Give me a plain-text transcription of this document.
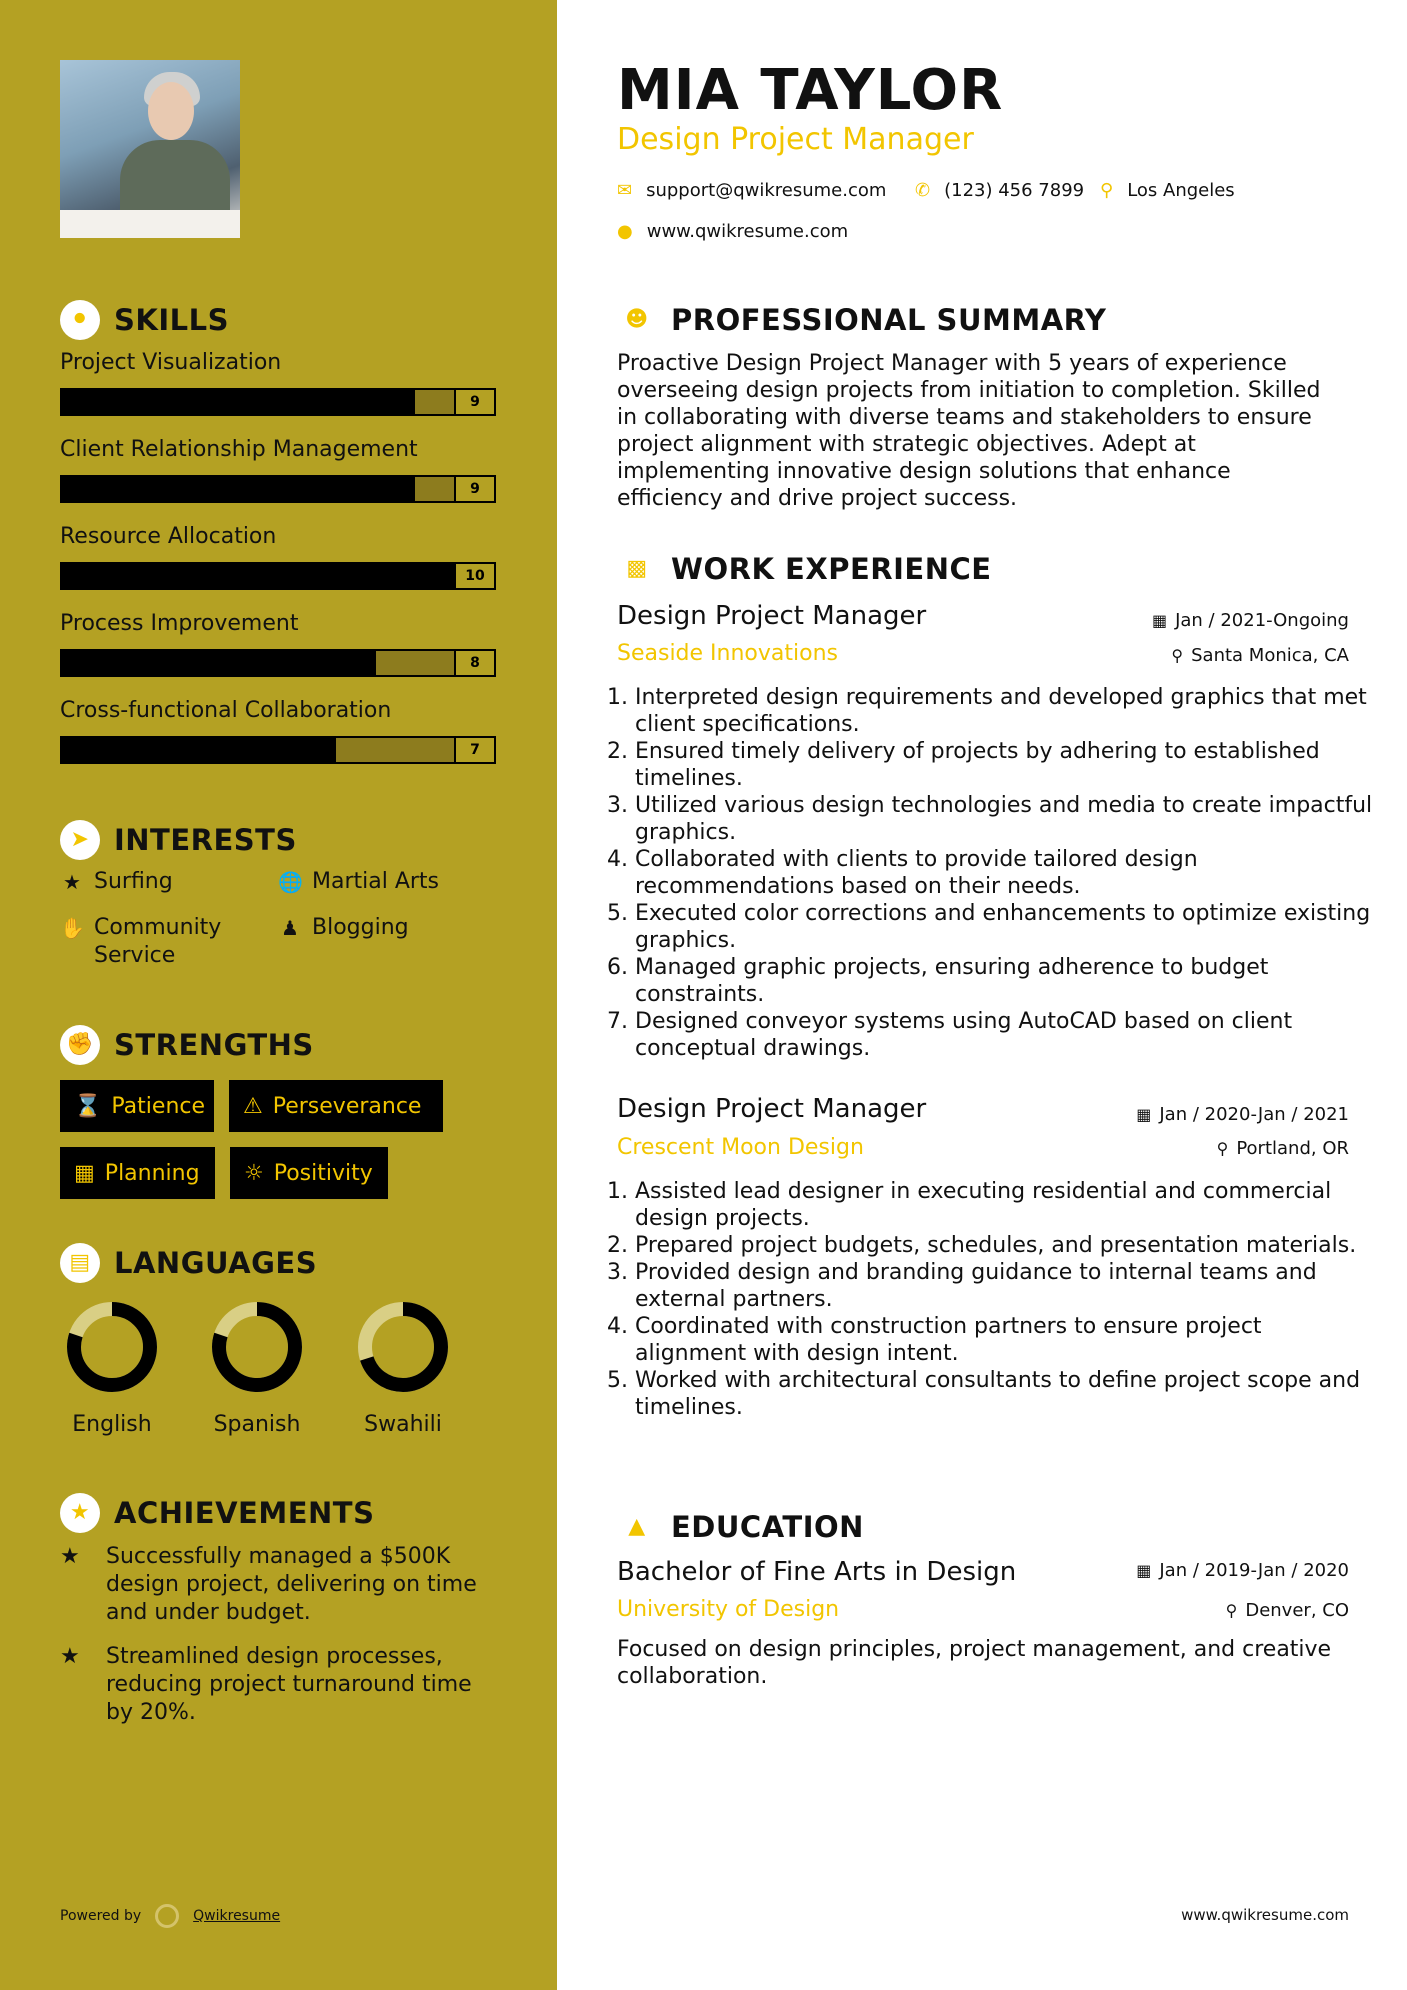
⚫ SKILLS
Project Visualization
9
Client Relationship Management
9
Resource Allocation
10
Process Improvement
8
Cross-functional Collaboration
7
➤ INTERESTS
★ Surfing	🌐 Martial Arts
✋ Community Service
♟ Blogging
✊ STRENGTHS
⌛ Patience ⚠ Perseverance
▦ Planning ☼ Positivity
▤ LANGUAGES
English	Spanish	Swahili
★ ACHIEVEMENTS
★	Successfully managed a $500K design project, delivering on time and under budget.
★	Streamlined design processes, reducing project turnaround time by 20%.
Powered by	Qwikresume
MIA TAYLOR
Design Project Manager
✉ support@qwikresume.com ✆ (123) 456 7899 ⚲ Los Angeles
● www.qwikresume.com
☻ PROFESSIONAL SUMMARY
Proactive Design Project Manager with 5 years of experience overseeing design projects from initiation to completion. Skilled in collaborating with diverse teams and stakeholders to ensure project alignment with strategic objectives. Adept at implementing innovative design solutions that enhance efficiency and drive project success.
▩ WORK EXPERIENCE
Design Project Manager
Seaside Innovations
▦ Jan / 2021-Ongoing
⚲ Santa Monica, CA
1. Interpreted design requirements and developed graphics that met client specifications.
2. Ensured timely delivery of projects by adhering to established timelines.
3. Utilized various design technologies and media to create impactful graphics.
4. Collaborated with clients to provide tailored design recommendations based on their needs.
5. Executed color corrections and enhancements to optimize existing graphics.
6. Managed graphic projects, ensuring adherence to budget constraints.
7. Designed conveyor systems using AutoCAD based on client conceptual drawings.
Design Project Manager
Crescent Moon Design
▦ Jan / 2020-Jan / 2021
⚲ Portland, OR
1. Assisted lead designer in executing residential and commercial design projects.
2. Prepared project budgets, schedules, and presentation materials.
3. Provided design and branding guidance to internal teams and external partners.
4. Coordinated with construction partners to ensure project alignment with design intent.
5. Worked with architectural consultants to define project scope and timelines.
▲ EDUCATION
Bachelor of Fine Arts in Design
University of Design
▦ Jan / 2019-Jan / 2020
⚲ Denver, CO
Focused on design principles, project management, and creative collaboration.
www.qwikresume.com
